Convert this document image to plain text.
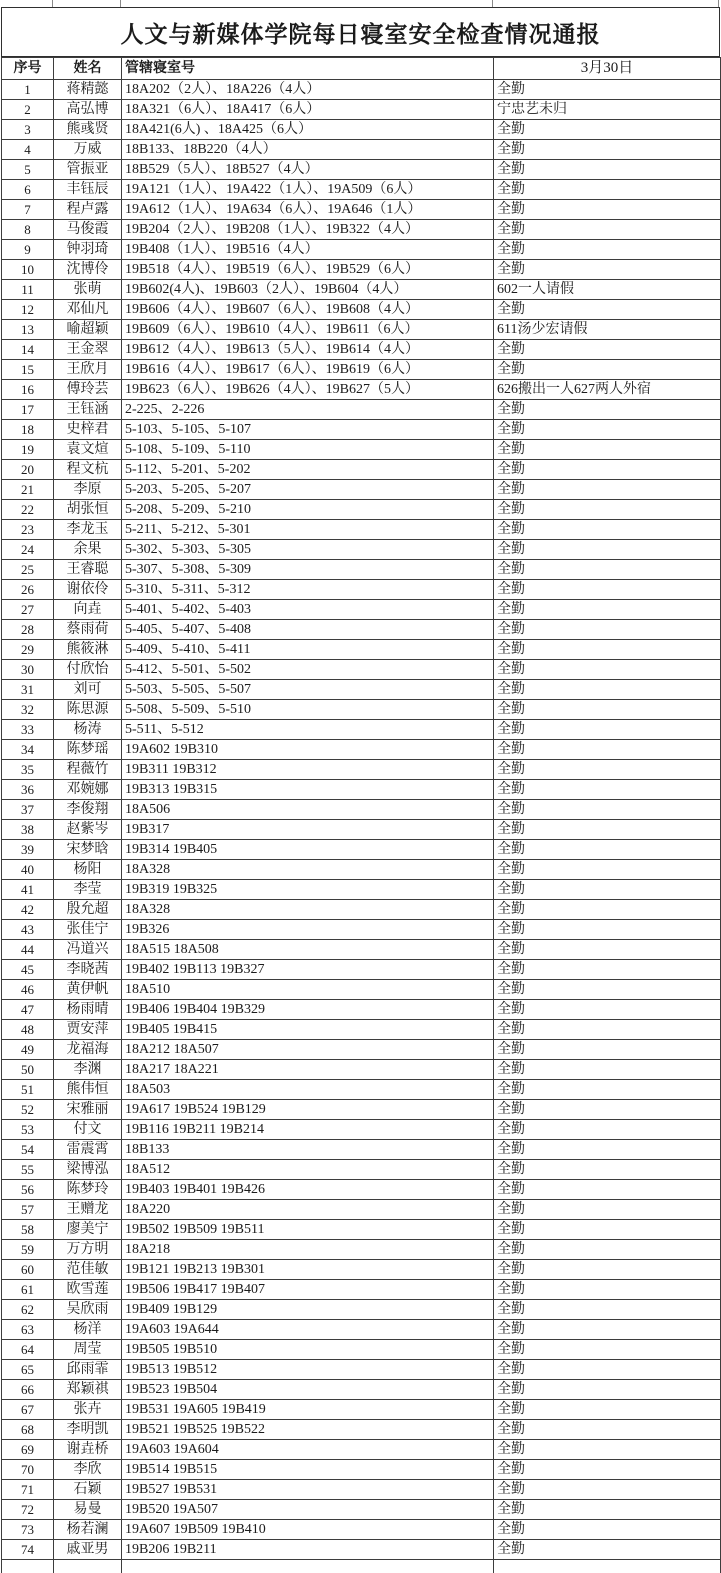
人文与新媒体学院每日寝室安全检查情况通报
序号	姓名	管辖寝室号	3月30日
1	蒋精懿	18A202（2人）、18A226（4人）	全勤
2	高弘博	18A321（6人）、18A417（6人）	宁忠艺未归
3	熊彧贤	18A421(6人) 、18A425（6人）	全勤
4	万威	18B133、18B220（4人）	全勤
5	管振亚	18B529（5人）、18B527（4人）	全勤
6	丰钰辰	19A121（1人）、19A422（1人）、19A509（6人）	全勤
7	程卢露	19A612（1人）、19A634（6人）、19A646（1人）	全勤
8	马俊霞	19B204（2人）、19B208（1人）、19B322（4人）	全勤
9	钟羽琦	19B408（1人）、19B516（4人）	全勤
10	沈博伶	19B518（4人）、19B519（6人）、19B529（6人）	全勤
11	张萌	19B602(4人)、19B603（2人）、19B604（4人）	602一人请假
12	邓仙凡	19B606（4人）、19B607（6人）、19B608（4人）	全勤
13	喻超颖	19B609（6人）、19B610（4人）、19B611（6人）	611汤少宏请假
14	王金翠	19B612（4人）、19B613（5人）、19B614（4人）	全勤
15	王欣月	19B616（4人）、19B617（6人）、19B619（6人）	全勤
16	傅玲芸	19B623（6人）、19B626（4人）、19B627（5人）	626搬出一人627两人外宿
17	王钰涵	2-225、2-226	全勤
18	史梓君	5-103、5-105、5-107	全勤
19	袁文煊	5-108、5-109、5-110	全勤
20	程文杭	5-112、5-201、5-202	全勤
21	李原	5-203、5-205、5-207	全勤
22	胡张恒	5-208、5-209、5-210	全勤
23	李龙玉	5-211、5-212、5-301	全勤
24	余果	5-302、5-303、5-305	全勤
25	王睿聪	5-307、5-308、5-309	全勤
26	谢依伶	5-310、5-311、5-312	全勤
27	向垚	5-401、5-402、5-403	全勤
28	蔡雨荷	5-405、5-407、5-408	全勤
29	熊筱淋	5-409、5-410、5-411	全勤
30	付欣怡	5-412、5-501、5-502	全勤
31	刘可	5-503、5-505、5-507	全勤
32	陈思源	5-508、5-509、5-510	全勤
33	杨涛	5-511、5-512	全勤
34	陈梦瑶	19A602 19B310	全勤
35	程薇竹	19B311 19B312	全勤
36	邓婉娜	19B313 19B315	全勤
37	李俊翔	18A506	全勤
38	赵紫岑	19B317	全勤
39	宋梦晗	19B314 19B405	全勤
40	杨阳	18A328	全勤
41	李莹	19B319 19B325	全勤
42	殷允超	18A328	全勤
43	张佳宁	19B326	全勤
44	冯道兴	18A515 18A508	全勤
45	李晓茜	19B402 19B113 19B327	全勤
46	黄伊帆	18A510	全勤
47	杨雨晴	19B406 19B404 19B329	全勤
48	贾安萍	19B405 19B415	全勤
49	龙福海	18A212 18A507	全勤
50	李渊	18A217 18A221	全勤
51	熊伟恒	18A503	全勤
52	宋雅丽	19A617 19B524 19B129	全勤
53	付文	19B116 19B211 19B214	全勤
54	雷震霄	18B133	全勤
55	梁博泓	18A512	全勤
56	陈梦玲	19B403 19B401 19B426	全勤
57	王赠龙	18A220	全勤
58	廖美宁	19B502 19B509 19B511	全勤
59	万方明	18A218	全勤
60	范佳敏	19B121 19B213 19B301	全勤
61	欧雪莲	19B506 19B417 19B407	全勤
62	吴欣雨	19B409 19B129	全勤
63	杨洋	19A603 19A644	全勤
64	周莹	19B505 19B510	全勤
65	邱雨霏	19B513 19B512	全勤
66	郑颖祺	19B523 19B504	全勤
67	张卉	19B531 19A605 19B419	全勤
68	李明凯	19B521 19B525 19B522	全勤
69	谢垚桥	19A603 19A604	全勤
70	李欣	19B514 19B515	全勤
71	石颖	19B527 19B531	全勤
72	易曼	19B520 19A507	全勤
73	杨若澜	19A607 19B509 19B410	全勤
74	戚亚男	19B206 19B211	全勤
